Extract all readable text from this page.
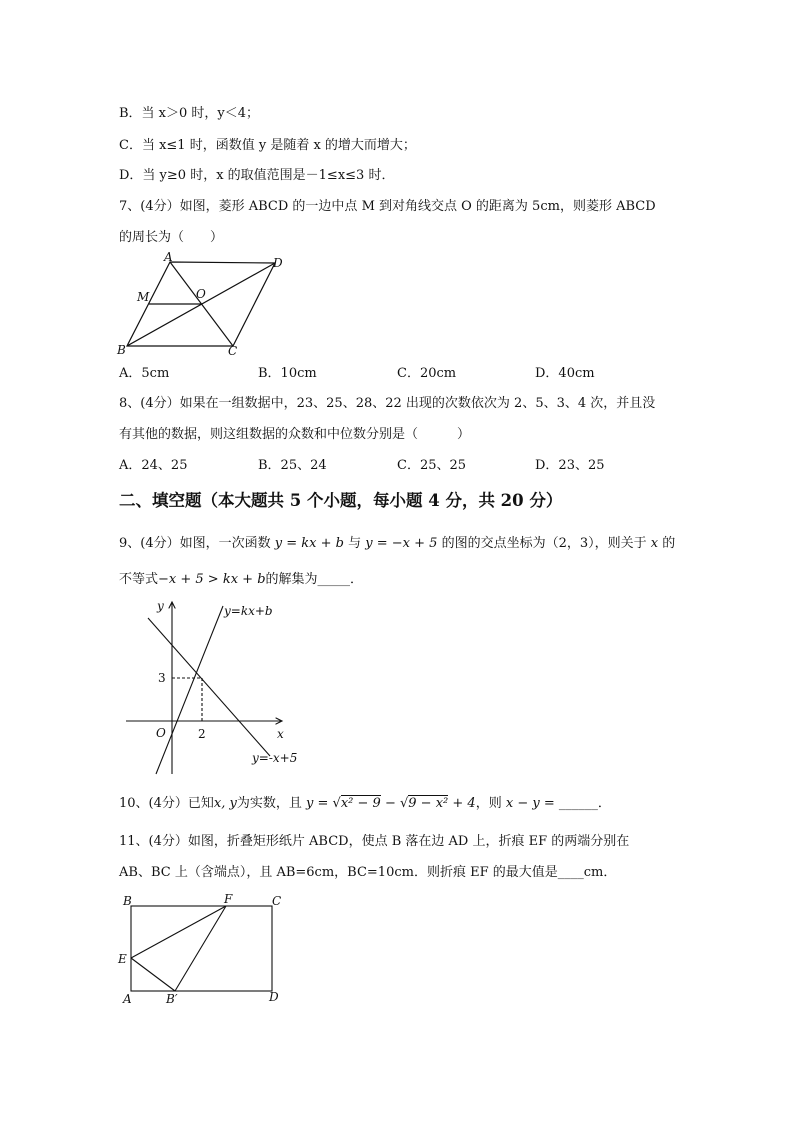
B．当 x＞0 时，y＜4；
C．当 x≤1 时，函数值 y 是随着 x 的增大而增大；
D．当 y≥0 时，x 的取值范围是－1≤x≤3 时．
7、(4分）如图，菱形 ABCD 的一边中点 M 到对角线交点 O 的距离为 5cm，则菱形 ABCD
的周长为（　　）
A	D
B	C
M	O
A．5cm	B．10cm	C．20cm	D．40cm
8、(4分）如果在一组数据中，23、25、28、22 出现的次数依次为 2、5、3、4 次，并且没
有其他的数据，则这组数据的众数和中位数分别是（　　　）
A．24、25	B．25、24	C．25、25	D．23、25
二、填空题（本大题共 5 个小题，每小题 4 分，共 20 分）
9、(4分）如图，一次函数 y = kx + b 与 y = −x + 5 的图的交点坐标为（2，3），则关于 x 的
不等式−x + 5 > kx + b的解集为_____．
y
x
O	2
3
y=kx+b
y=-x+5
10、(4分）已知x, y为实数，且 y = √x² − 9 − √9 − x² + 4，则 x − y = ______．
11、(4分）如图，折叠矩形纸片 ABCD，使点 B 落在边 AD 上，折痕 EF 的两端分别在
AB、BC 上（含端点），且 AB=6cm，BC=10cm．则折痕 EF 的最大值是____cm．
B	F	C
E
A	B′	D
